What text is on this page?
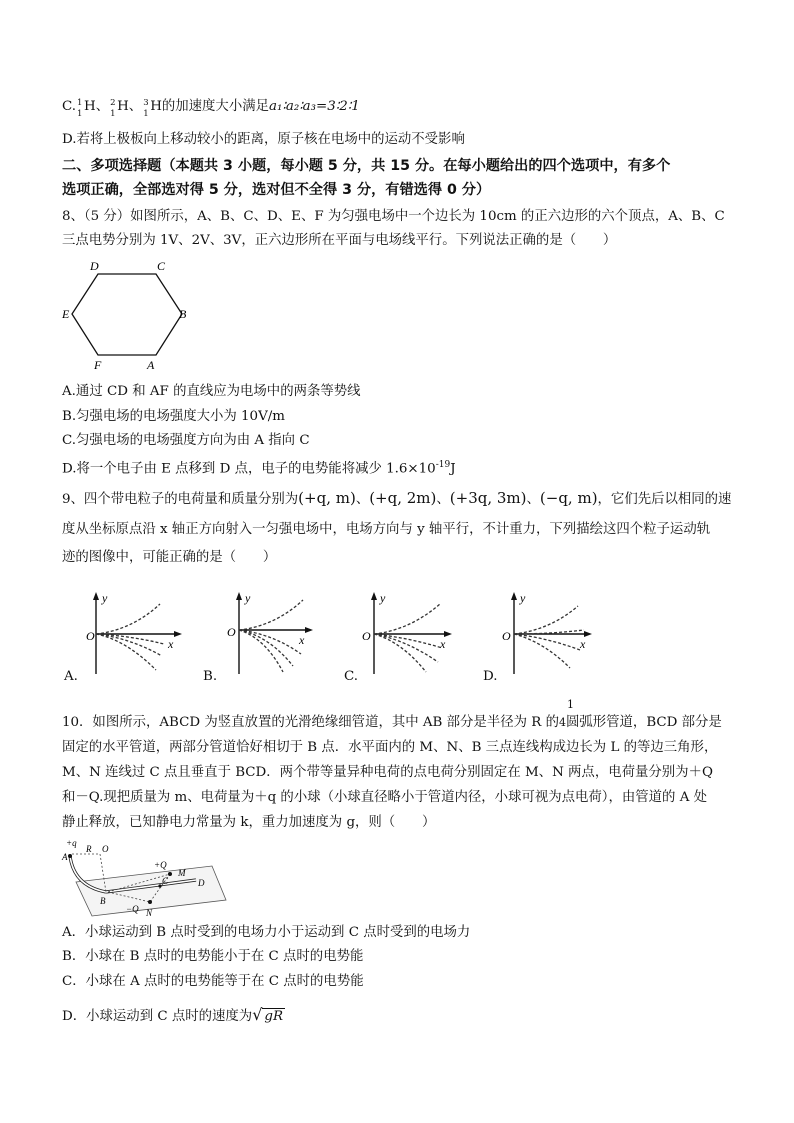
C. 1
1 H、 2
1 H、 3
1 H的加速度大小满足a₁∶a₂∶a₃=3∶2∶1
D.若将上极板向上移动较小的距离，原子核在电场中的运动不受影响
二、多项选择题（本题共 3 小题，每小题 5 分，共 15 分。在每小题给出的四个选项中，有多个
选项正确，全部选对得 5 分，选对但不全得 3 分，有错选得 0 分）
8、（5 分）如图所示，A、B、C、D、E、F 为匀强电场中一个边长为 10cm 的正六边形的六个顶点，A、B、C
三点电势分别为 1V、2V、3V，正六边形所在平面与电场线平行。下列说法正确的是（　　）
D	C
E	B
F	A
A.通过 CD 和 AF 的直线应为电场中的两条等势线
B.匀强电场的电场强度大小为 10V/m
C.匀强电场的电场强度方向为由 A 指向 C
D.将一个电子由 E 点移到 D 点，电子的电势能将减少 $1.6\times 10^{-19}J$
9、四个带电粒子的电荷量和质量分别为(+q, m)、(+q, 2m)、(+3q, 3m)、(−q, m)，它们先后以相同的速
度从坐标原点沿 x 轴正方向射入一匀强电场中，电场方向与 y 轴平行，不计重力，下列描绘这四个粒子运动轨
迹的图像中，可能正确的是（　　）
y
x
O
y
x
O
y
x
O
y
x
O
A.	B.	C.	D.
1
10．如图所示，ABCD 为竖直放置的光滑绝缘细管道，其中 AB 部分是半径为 R 的4圆弧形管道，BCD 部分是
固定的水平管道，两部分管道恰好相切于 B 点．水平面内的 M、N、B 三点连线构成边长为 L 的等边三角形，
M、N 连线过 C 点且垂直于 BCD．两个带等量异种电荷的点电荷分别固定在 M、N 两点，电荷量分别为＋Q
和－Q.现把质量为 m、电荷量为＋q 的小球（小球直径略小于管道内径，小球可视为点电荷），由管道的 A 处
静止释放，已知静电力常量为 k，重力加速度为 g，则（　　）
+q
A
R O
+Q
C
M
D
B
−Q N
A．小球运动到 B 点时受到的电场力小于运动到 C 点时受到的电场力
B．小球在 B 点时的电势能小于在 C 点时的电势能
C．小球在 A 点时的电势能等于在 C 点时的电势能
D．小球运动到 C 点时的速度为√ gR
